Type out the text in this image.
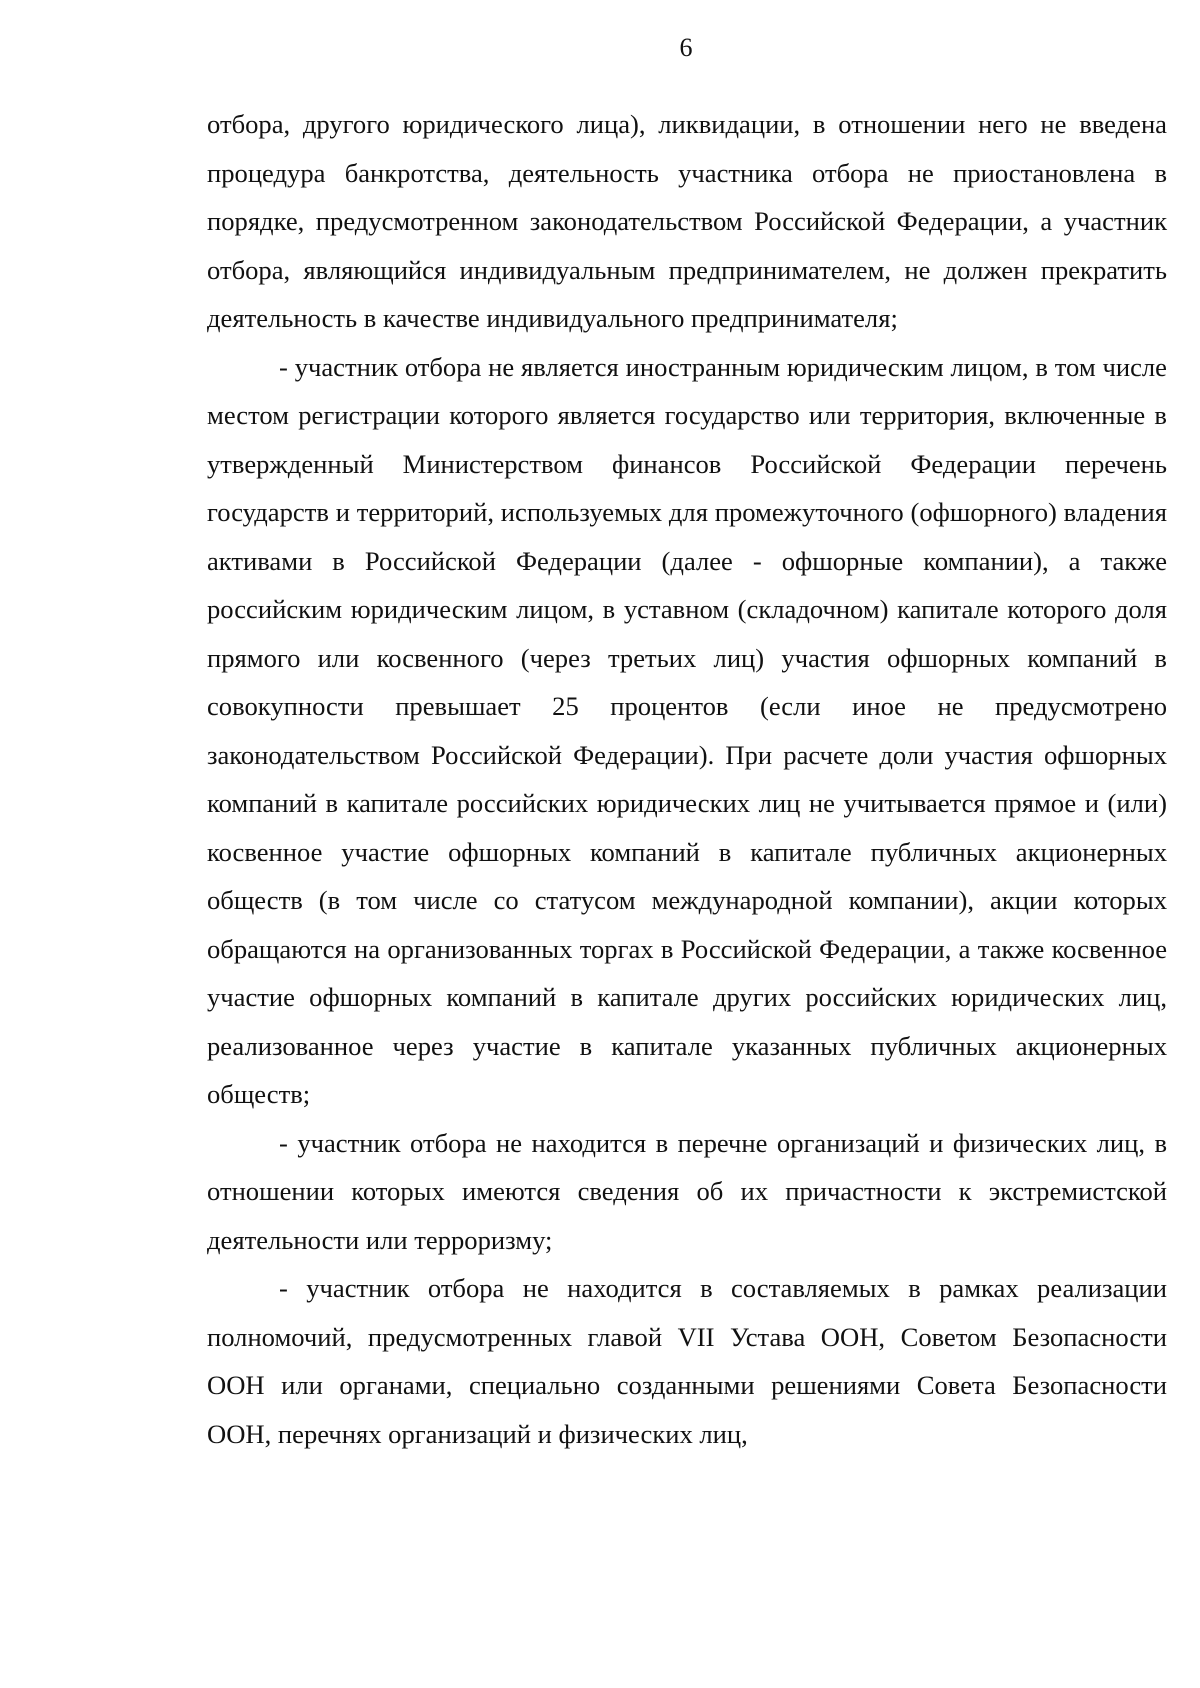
6

отбора, другого юридического лица), ликвидации, в отношении него не введена процедура банкротства, деятельность участника отбора не приостановлена в порядке, предусмотренном законодательством Российской Федерации, а участник отбора, являющийся индивидуальным предпринимателем, не должен прекратить деятельность в качестве индивидуального предпринимателя;

- участник отбора не является иностранным юридическим лицом, в том числе местом регистрации которого является государство или территория, включенные в утвержденный Министерством финансов Российской Федерации перечень государств и территорий, используемых для промежуточного (офшорного) владения активами в Российской Федерации (далее - офшорные компании), а также российским юридическим лицом, в уставном (складочном) капитале которого доля прямого или косвенного (через третьих лиц) участия офшорных компаний в совокупности превышает 25 процентов (если иное не предусмотрено законодательством Российской Федерации). При расчете доли участия офшорных компаний в капитале российских юридических лиц не учитывается прямое и (или) косвенное участие офшорных компаний в капитале публичных акционерных обществ (в том числе со статусом международной компании), акции которых обращаются на организованных торгах в Российской Федерации, а также косвенное участие офшорных компаний в капитале других российских юридических лиц, реализованное через участие в капитале указанных публичных акционерных обществ;

- участник отбора не находится в перечне организаций и физических лиц, в отношении которых имеются сведения об их причастности к экстремистской деятельности или терроризму;

- участник отбора не находится в составляемых в рамках реализации полномочий, предусмотренных главой VII Устава ООН, Советом Безопасности ООН или органами, специально созданными решениями Совета Безопасности ООН, перечнях организаций и физических лиц,
